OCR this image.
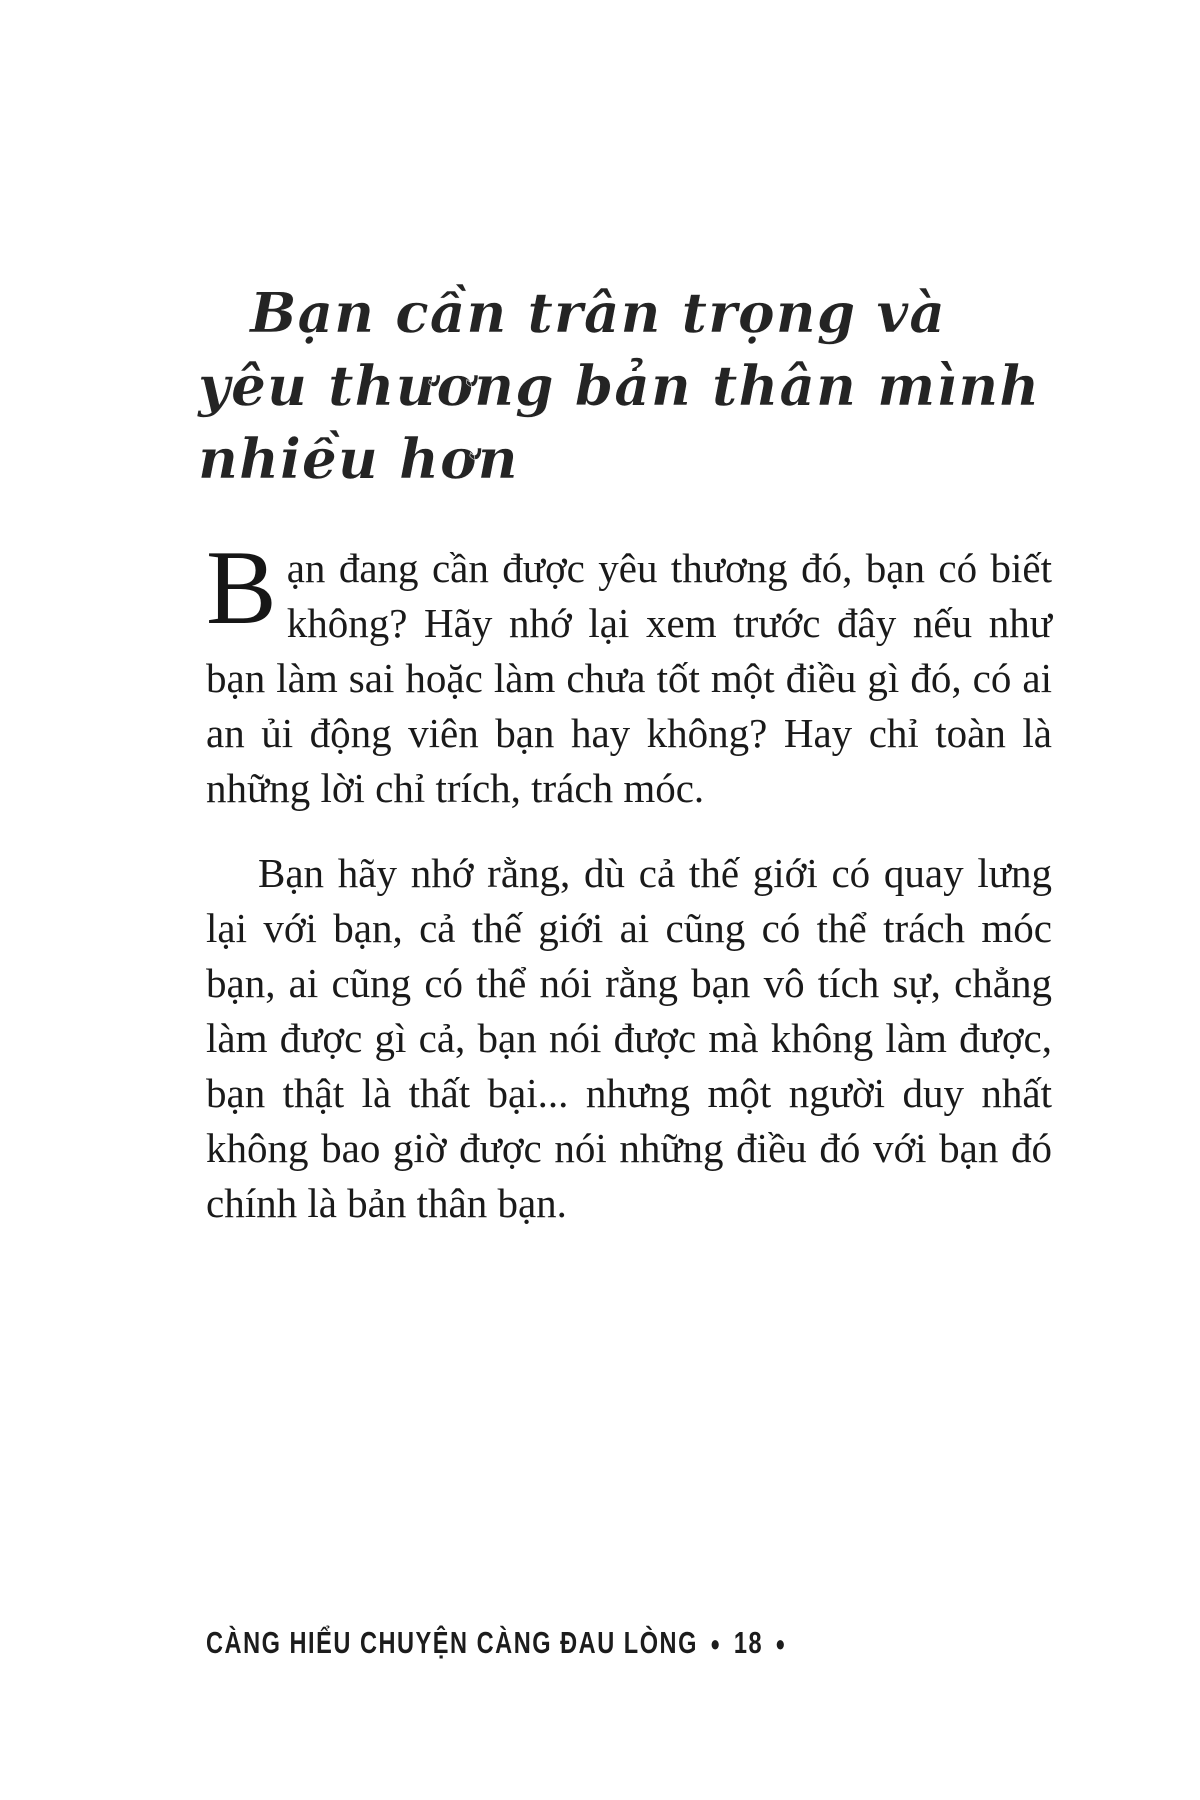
Bạn cần trân trọng và yêu thương bản thân mình nhiều hơn

Bạn đang cần được yêu thương đó, bạn có biết không? Hãy nhớ lại xem trước đây nếu như bạn làm sai hoặc làm chưa tốt một điều gì đó, có ai an ủi động viên bạn hay không? Hay chỉ toàn là những lời chỉ trích, trách móc.

Bạn hãy nhớ rằng, dù cả thế giới có quay lưng lại với bạn, cả thế giới ai cũng có thể trách móc bạn, ai cũng có thể nói rằng bạn vô tích sự, chẳng làm được gì cả, bạn nói được mà không làm được, bạn thật là thất bại... nhưng một người duy nhất không bao giờ được nói những điều đó với bạn đó chính là bản thân bạn.

CÀNG HIỂU CHUYỆN CÀNG ĐAU LÒNG ● 18 ●
